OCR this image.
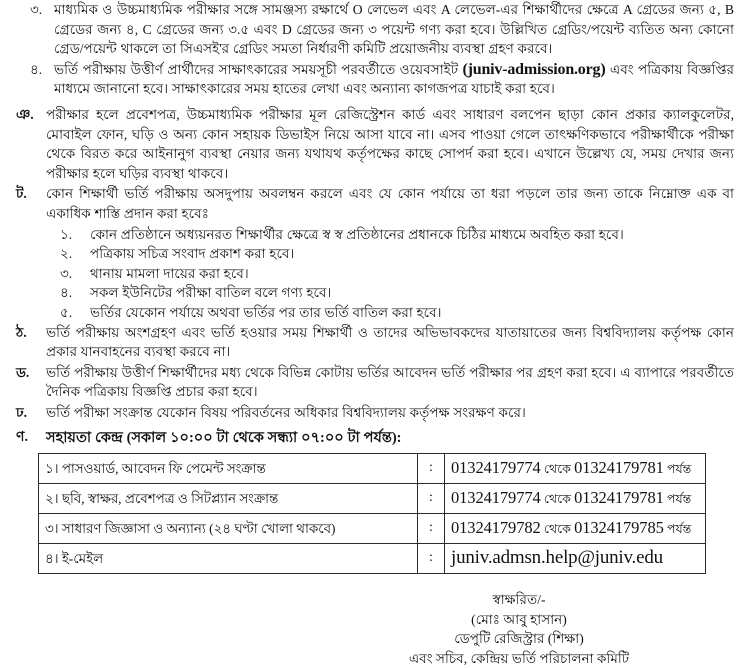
৩. মাধ্যমিক ও উচ্চমাধ্যমিক পরীক্ষার সঙ্গে সামঞ্জস্য রক্ষার্থে O লেভেল এবং A লেভেল-এর শিক্ষার্থীদের ক্ষেত্রে A গ্রেডের জন্য ৫, B গ্রেডের জন্য ৪, C গ্রেডের জন্য ৩.৫ এবং D গ্রেডের জন্য ৩ পয়েন্ট গণ্য করা হবে। উল্লিখিত গ্রেডিং/পয়েন্ট ব্যতিত অন্য কোনো গ্রেড/পয়েন্ট থাকলে তা সিএসই'র গ্রেডিং সমতা নির্ধারণী কমিটি প্রয়োজনীয় ব্যবস্থা গ্রহণ করবে।
৪. ভর্তি পরীক্ষায় উত্তীর্ণ প্রার্থীদের সাক্ষাৎকারের সময়সূচী পরবর্তীতে ওয়েবসাইট (juniv-admission.org) এবং পত্রিকায় বিজ্ঞপ্তির মাধ্যমে জানানো হবে। সাক্ষাৎকারের সময় হাতের লেখা এবং অন্যান্য কাগজপত্র যাচাই করা হবে।
ঞ. পরীক্ষার হলে প্রবেশপত্র, উচ্চমাধ্যমিক পরীক্ষার মূল রেজিস্ট্রেশন কার্ড এবং সাধারণ বলপেন ছাড়া কোন প্রকার ক্যালকুলেটর, মোবাইল ফোন, ঘড়ি ও অন্য কোন সহায়ক ডিভাইস নিয়ে আসা যাবে না। এসব পাওয়া গেলে তাৎক্ষণিকভাবে পরীক্ষার্থীকে পরীক্ষা থেকে বিরত করে আইনানুগ ব্যবস্থা নেয়ার জন্য যথাযথ কর্তৃপক্ষের কাছে সোপর্দ করা হবে। এখানে উল্লেখ্য যে, সময় দেখার জন্য পরীক্ষার হলে ঘড়ির ব্যবস্থা থাকবে।
ট.	কোন শিক্ষার্থী ভর্তি পরীক্ষায় অসদুপায় অবলম্বন করলে এবং যে কোন পর্যায়ে তা ধরা পড়লে তার জন্য তাকে নিম্নোক্ত এক বা একাধিক শাস্তি প্রদান করা হবেঃ
১.	কোন প্রতিষ্ঠানে অধ্যয়নরত শিক্ষার্থীর ক্ষেত্রে স্ব স্ব প্রতিষ্ঠানের প্রধানকে চিঠির মাধ্যমে অবহিত করা হবে।
২.	পত্রিকায় সচিত্র সংবাদ প্রকাশ করা হবে।
৩.	থানায় মামলা দায়ের করা হবে।
৪.	সকল ইউনিটের পরীক্ষা বাতিল বলে গণ্য হবে।
৫.	ভর্তির যেকোন পর্যায়ে অথবা ভর্তির পর তার ভর্তি বাতিল করা হবে।
ঠ.	ভর্তি পরীক্ষায় অংশগ্রহণ এবং ভর্তি হওয়ার সময় শিক্ষার্থী ও তাদের অভিভাবকদের যাতায়াতের জন্য বিশ্ববিদ্যালয় কর্তৃপক্ষ কোন প্রকার যানবাহনের ব্যবস্থা করবে না।
ড.	ভর্তি পরীক্ষায় উত্তীর্ণ শিক্ষার্থীদের মধ্য থেকে বিভিন্ন কোটায় ভর্তির আবেদন ভর্তি পরীক্ষার পর গ্রহণ করা হবে। এ ব্যাপারে পরবর্তীতে দৈনিক পত্রিকায় বিজ্ঞপ্তি প্রচার করা হবে।
ঢ.	ভর্তি পরীক্ষা সংক্রান্ত যেকোন বিষয় পরিবর্তনের অধিকার বিশ্ববিদ্যালয় কর্তৃপক্ষ সংরক্ষণ করে।
ণ.	সহায়তা কেন্দ্র (সকাল ১০:০০ টা থেকে সন্ধ্যা ০৭:০০ টা পর্যন্ত):
১। পাসওয়ার্ড, আবেদন ফি পেমেন্ট সংক্রান্ত	:	01324179774 থেকে 01324179781 পর্যন্ত
২। ছবি, স্বাক্ষর, প্রবেশপত্র ও সিটপ্ল্যান সংক্রান্ত	:	01324179774 থেকে 01324179781 পর্যন্ত
৩। সাধারণ জিজ্ঞাসা ও অন্যান্য (২৪ ঘণ্টা খোলা থাকবে)	:	01324179782 থেকে 01324179785 পর্যন্ত
৪। ই-মেইল	:	juniv.admsn.help@juniv.edu
স্বাক্ষরিত/-
(মোঃ আবু হাসান)
ডেপুটি রেজিস্ট্রার (শিক্ষা)
এবং সচিব, কেন্দ্রিয় ভর্তি পরিচালনা কমিটি
